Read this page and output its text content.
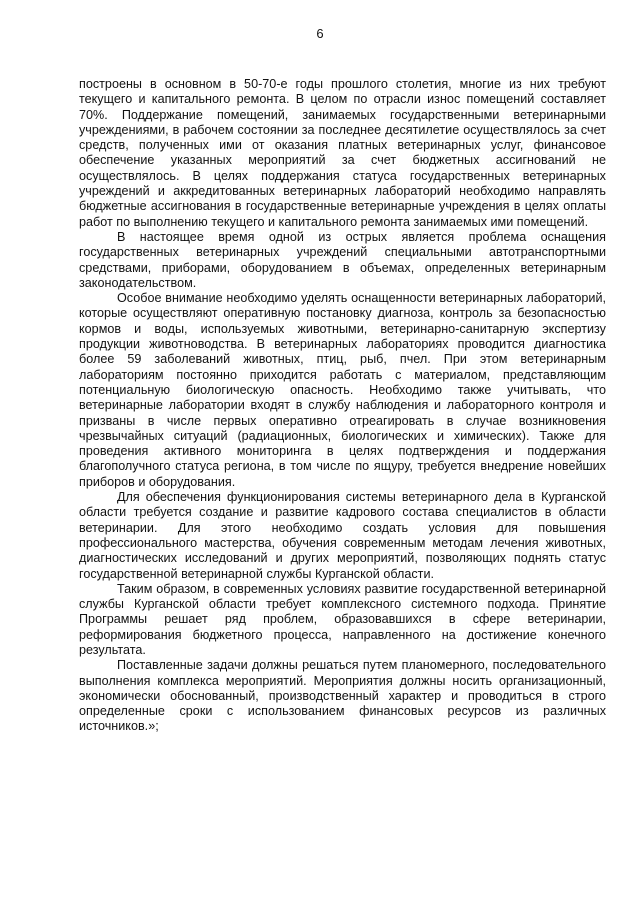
6

построены в основном в 50-70-е годы прошлого столетия, многие из них требуют текущего и капитального ремонта. В целом по отрасли износ помещений составляет 70%. Поддержание помещений, занимаемых государственными ветеринарными учреждениями, в рабочем состоянии за последнее десятилетие осуществлялось за счет средств, полученных ими от оказания платных ветеринарных услуг, финансовое обеспечение указанных мероприятий за счет бюджетных ассигнований не осуществлялось. В целях поддержания статуса государственных ветеринарных учреждений и аккредитованных ветеринарных лабораторий необходимо направлять бюджетные ассигнования в государственные ветеринарные учреждения в целях оплаты работ по выполнению текущего и капитального ремонта занимаемых ими помещений.

В настоящее время одной из острых является проблема оснащения государственных ветеринарных учреждений специальными автотранспортными средствами, приборами, оборудованием в объемах, определенных ветеринарным законодательством.

Особое внимание необходимо уделять оснащенности ветеринарных лабораторий, которые осуществляют оперативную постановку диагноза, контроль за безопасностью кормов и воды, используемых животными, ветеринарно-санитарную экспертизу продукции животноводства. В ветеринарных лабораториях проводится диагностика более 59 заболеваний животных, птиц, рыб, пчел. При этом ветеринарным лабораториям постоянно приходится работать с материалом, представляющим потенциальную биологическую опасность. Необходимо также учитывать, что ветеринарные лаборатории входят в службу наблюдения и лабораторного контроля и призваны в числе первых оперативно отреагировать в случае возникновения чрезвычайных ситуаций (радиационных, биологических и химических). Также для проведения активного мониторинга в целях подтверждения и поддержания благополучного статуса региона, в том числе по ящуру, требуется внедрение новейших приборов и оборудования.

Для обеспечения функционирования системы ветеринарного дела в Курганской области требуется создание и развитие кадрового состава специалистов в области ветеринарии. Для этого необходимо создать условия для повышения профессионального мастерства, обучения современным методам лечения животных, диагностических исследований и других мероприятий, позволяющих поднять статус государственной ветеринарной службы Курганской области.

Таким образом, в современных условиях развитие государственной ветеринарной службы Курганской области требует комплексного системного подхода. Принятие Программы решает ряд проблем, образовавшихся в сфере ветеринарии, реформирования бюджетного процесса, направленного на достижение конечного результата.

Поставленные задачи должны решаться путем планомерного, последовательного выполнения комплекса мероприятий. Мероприятия должны носить организационный, экономически обоснованный, производственный характер и проводиться в строго определенные сроки с использованием финансовых ресурсов из различных источников.»;
